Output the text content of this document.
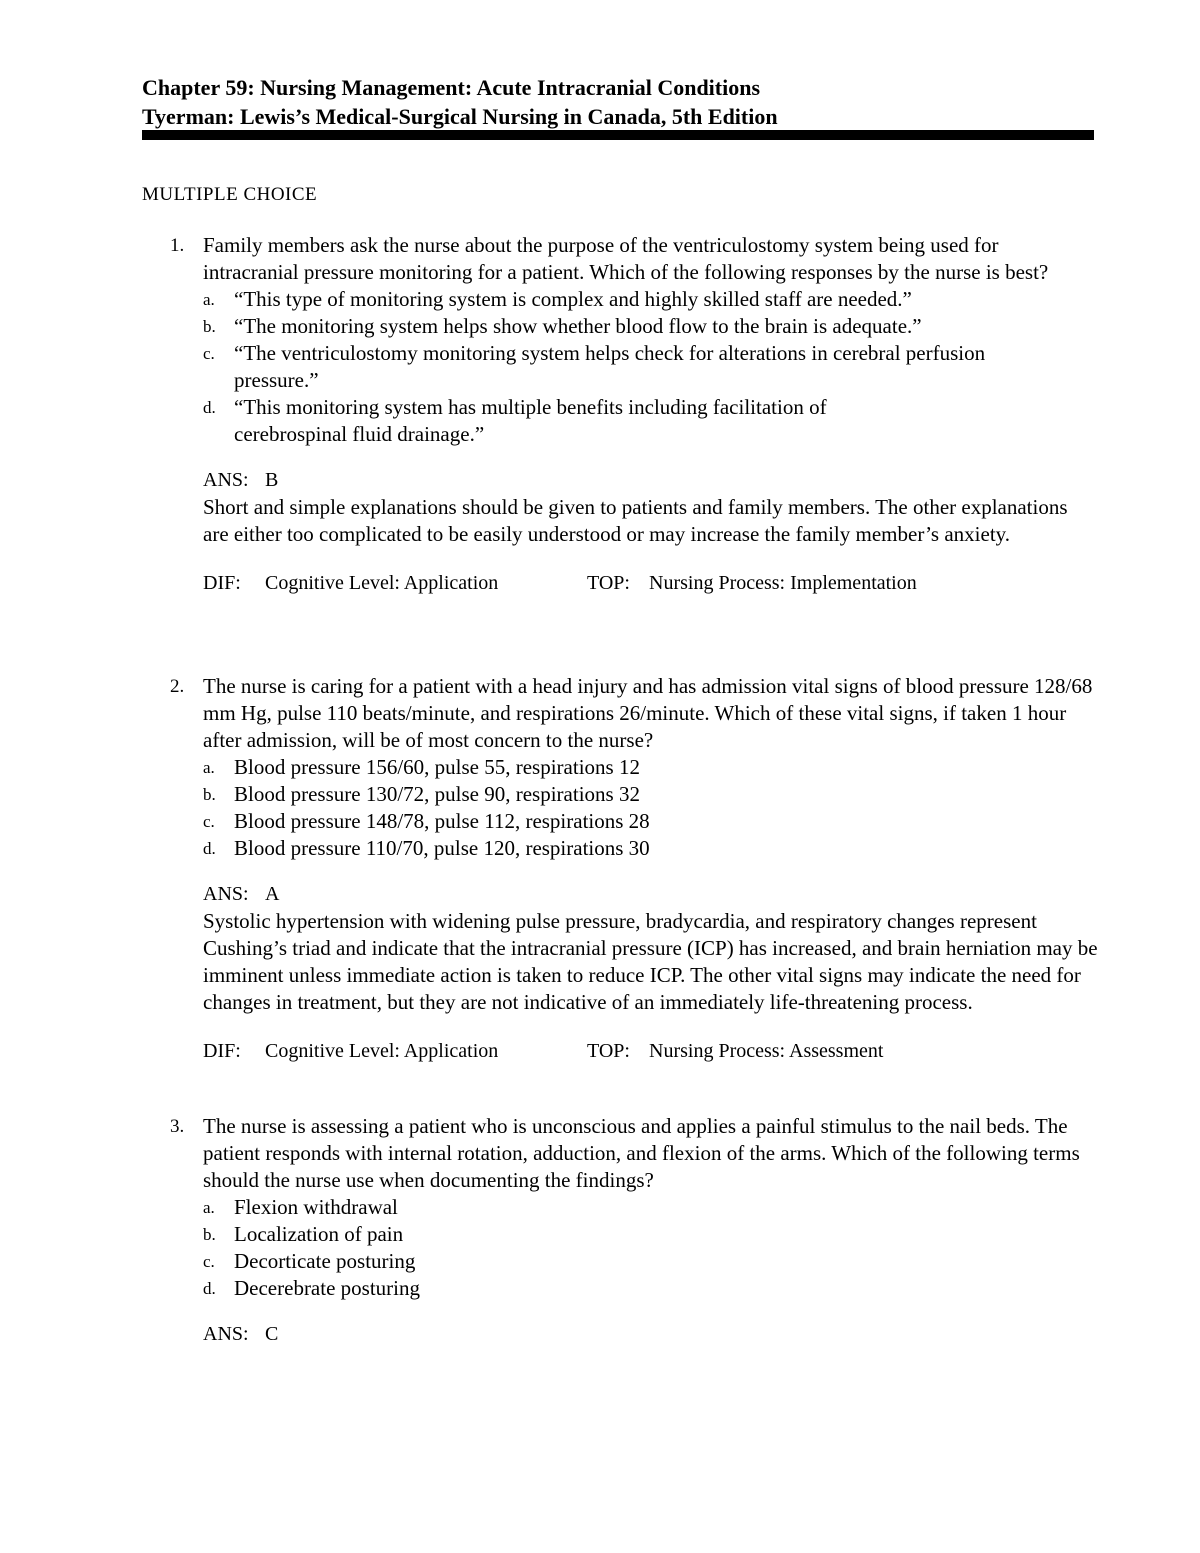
Chapter 59: Nursing Management: Acute Intracranial Conditions
Tyerman: Lewis’s Medical-Surgical Nursing in Canada, 5th Edition
MULTIPLE CHOICE
1. Family members ask the nurse about the purpose of the ventriculostomy system being used for intracranial pressure monitoring for a patient. Which of the following responses by the nurse is best?
a. “This type of monitoring system is complex and highly skilled staff are needed.”
b. “The monitoring system helps show whether blood flow to the brain is adequate.”
c. “The ventriculostomy monitoring system helps check for alterations in cerebral perfusion pressure.”
d. “This monitoring system has multiple benefits including facilitation of cerebrospinal fluid drainage.”
ANS: B
Short and simple explanations should be given to patients and family members. The other explanations are either too complicated to be easily understood or may increase the family member’s anxiety.
DIF: Cognitive Level: Application	TOP: Nursing Process: Implementation
2. The nurse is caring for a patient with a head injury and has admission vital signs of blood pressure 128/68 mm Hg, pulse 110 beats/minute, and respirations 26/minute. Which of these vital signs, if taken 1 hour after admission, will be of most concern to the nurse?
a. Blood pressure 156/60, pulse 55, respirations 12
b. Blood pressure 130/72, pulse 90, respirations 32
c. Blood pressure 148/78, pulse 112, respirations 28
d. Blood pressure 110/70, pulse 120, respirations 30
ANS: A
Systolic hypertension with widening pulse pressure, bradycardia, and respiratory changes represent Cushing’s triad and indicate that the intracranial pressure (ICP) has increased, and brain herniation may be imminent unless immediate action is taken to reduce ICP. The other vital signs may indicate the need for changes in treatment, but they are not indicative of an immediately life-threatening process.
DIF: Cognitive Level: Application	TOP: Nursing Process: Assessment
3. The nurse is assessing a patient who is unconscious and applies a painful stimulus to the nail beds. The patient responds with internal rotation, adduction, and flexion of the arms. Which of the following terms should the nurse use when documenting the findings?
a. Flexion withdrawal
b. Localization of pain
c. Decorticate posturing
d. Decerebrate posturing
ANS: C
